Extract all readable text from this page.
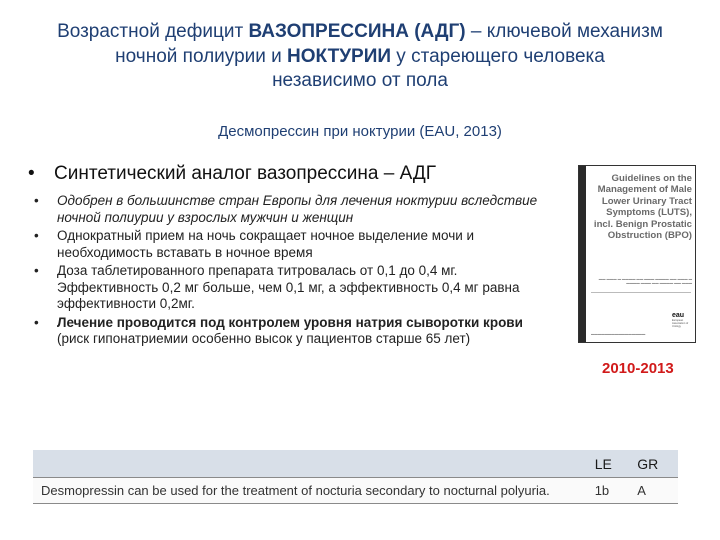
Возрастной дефицит ВАЗОПРЕССИНА (АДГ) – ключевой механизм
ночной полиурии и НОКТУРИИ у стареющего человека
независимо от пола
Десмопрессин при ноктурии (EAU, 2013)
• Синтетический аналог вазопрессина – АДГ
• Одобрен в большинстве стран Европы для лечения ноктурии вследствие ночной полиурии у взрослых мужчин и женщин
• Однократный прием на ночь сокращает ночное выделение мочи и необходимость вставать в ночное время
• Доза таблетированного препарата титровалась от 0,1 до 0,4 мг. Эффективность 0,2 мг больше, чем 0,1 мг, а эффективность 0,4 мг равна эффективности 0,2мг.
• Лечение проводится под контролем уровня натрия сыворотки крови (риск гипонатриемии особенно высок у пациентов старше 65 лет)
Guidelines on the Management of Male Lower Urinary Tract Symptoms (LUTS), incl. Benign Prostatic Obstruction (BPO)
▬▬ ▬▬▬ ▬ ▬▬▬▬ ▬▬ ▬▬▬ ▬▬▬▬ ▬▬ ▬▬▬ ▬ ▬▬▬▬ ▬▬▬ ▬▬ ▬▬▬▬ ▬▬ ▬▬▬
eau
European Association of Urology
▬▬▬▬▬▬▬▬▬▬▬▬▬▬▬▬
2010-2013
	LE	GR
Desmopressin can be used for the treatment of nocturia secondary to nocturnal polyuria.	1b	A
